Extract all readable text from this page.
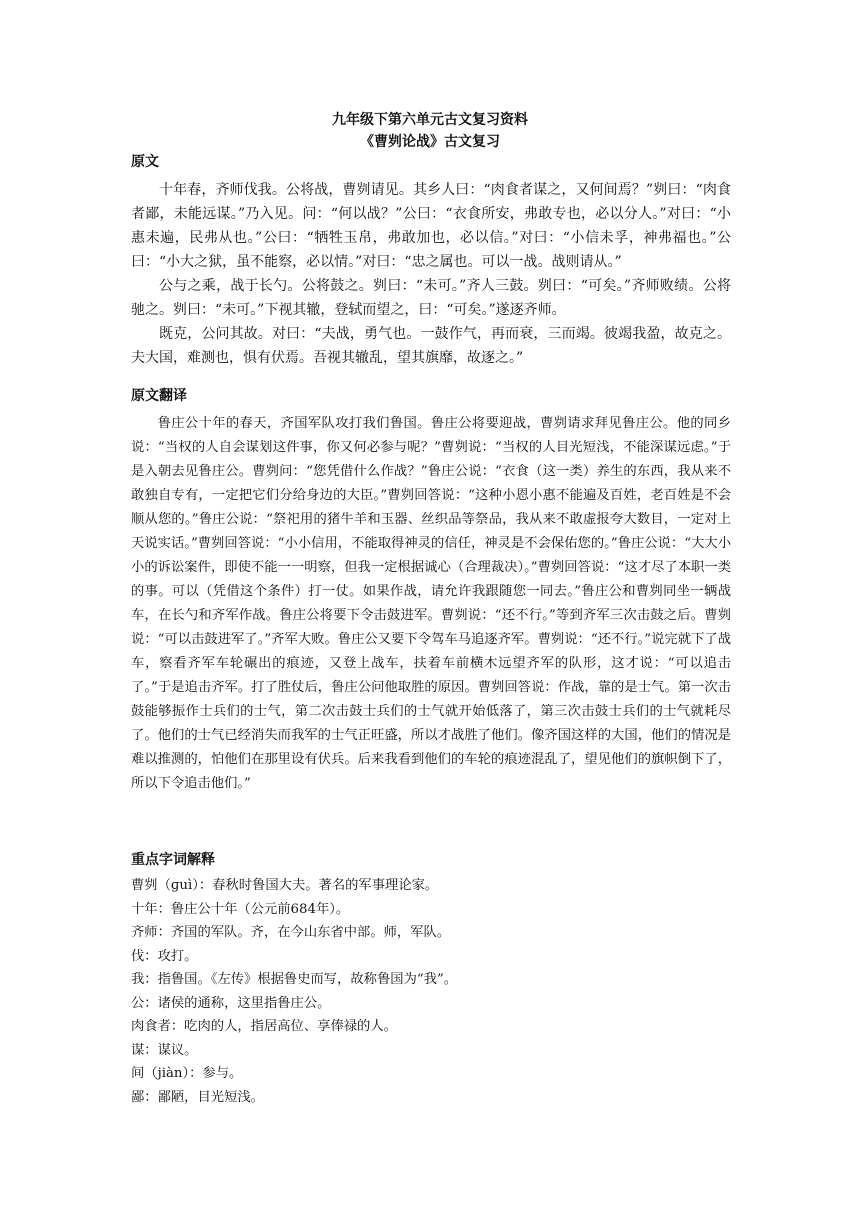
九年级下第六单元古文复习资料
《曹刿论战》古文复习
原文

十年春，齐师伐我。公将战，曹刿请见。其乡人曰：“肉食者谋之，又何间焉？”刿曰：“肉食者鄙，未能远谋。”乃入见。问：“何以战？”公曰：“衣食所安，弗敢专也，必以分人。”对曰：“小惠未遍，民弗从也。”公曰：“牺牲玉帛，弗敢加也，必以信。”对曰：“小信未孚，神弗福也。”公曰：“小大之狱，虽不能察，必以情。”对曰：“忠之属也。可以一战。战则请从。”

公与之乘，战于长勺。公将鼓之。刿曰：“未可。”齐人三鼓。刿曰：“可矣。”齐师败绩。公将驰之。刿曰：“未可。”下视其辙，登轼而望之，曰：“可矣。”遂逐齐师。

既克，公问其故。对曰：“夫战，勇气也。一鼓作气，再而衰，三而竭。彼竭我盈，故克之。夫大国，难测也，惧有伏焉。吾视其辙乱，望其旗靡，故逐之。”

原文翻译

鲁庄公十年的春天，齐国军队攻打我们鲁国。鲁庄公将要迎战，曹刿请求拜见鲁庄公。他的同乡说：“当权的人自会谋划这件事，你又何必参与呢？”曹刿说：“当权的人目光短浅，不能深谋远虑。”于是入朝去见鲁庄公。曹刿问：“您凭借什么作战？”鲁庄公说：“衣食（这一类）养生的东西，我从来不敢独自专有，一定把它们分给身边的大臣。”曹刿回答说：“这种小恩小惠不能遍及百姓，老百姓是不会顺从您的。”鲁庄公说：“祭祀用的猪牛羊和玉器、丝织品等祭品，我从来不敢虚报夸大数目，一定对上天说实话。”曹刿回答说：“小小信用，不能取得神灵的信任，神灵是不会保佑您的。”鲁庄公说：“大大小小的诉讼案件，即使不能一一明察，但我一定根据诚心（合理裁决）。”曹刿回答说：“这才尽了本职一类的事。可以（凭借这个条件）打一仗。如果作战，请允许我跟随您一同去。”鲁庄公和曹刿同坐一辆战车，在长勺和齐军作战。鲁庄公将要下令击鼓进军。曹刿说：“还不行。”等到齐军三次击鼓之后。曹刿说：“可以击鼓进军了。”齐军大败。鲁庄公又要下令驾车马追逐齐军。曹刿说：“还不行。”说完就下了战车，察看齐军车轮碾出的痕迹，又登上战车，扶着车前横木远望齐军的队形，这才说：“可以追击了。”于是追击齐军。打了胜仗后，鲁庄公问他取胜的原因。曹刿回答说：作战，靠的是士气。第一次击鼓能够振作士兵们的士气，第二次击鼓士兵们的士气就开始低落了，第三次击鼓士兵们的士气就耗尽了。他们的士气已经消失而我军的士气正旺盛，所以才战胜了他们。像齐国这样的大国，他们的情况是难以推测的，怕他们在那里设有伏兵。后来我看到他们的车轮的痕迹混乱了，望见他们的旗帜倒下了，所以下令追击他们。”

重点字词解释
曹刿（ɡuì）：春秋时鲁国大夫。著名的军事理论家。
十年：鲁庄公十年（公元前684年）。
齐师：齐国的军队。齐，在今山东省中部。师，军队。
伐：攻打。
我：指鲁国。《左传》根据鲁史而写，故称鲁国为“我”。
公：诸侯的通称，这里指鲁庄公。
肉食者：吃肉的人，指居高位、享俸禄的人。
谋：谋议。
间（jiàn）：参与。
鄙：鄙陋，目光短浅。
